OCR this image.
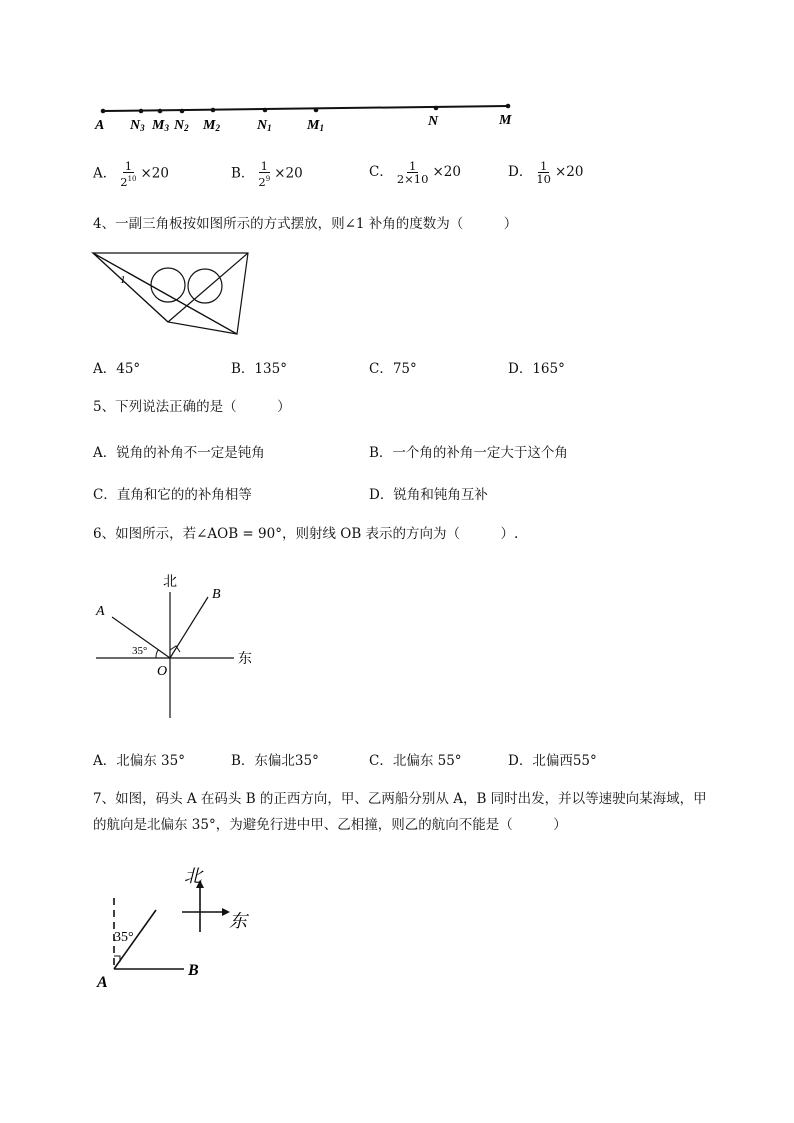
A N3 M3 N2 M2	N1	M1	N	M
A． $\frac{1}{2^{10}} \times 20$	B． $\frac{1}{2^9} \times 20$	C． $\frac{1}{2\times 10} \times 20$	D． $\frac{1}{10} \times 20$
4、一副三角板按如图所示的方式摆放，则∠1 补角的度数为（　　　）
1
A．45°	B．135°	C．75°	D．165°
5、下列说法正确的是（　　　）
A．锐角的补角不一定是钝角	B．一个角的补角一定大于这个角
C．直角和它的的补角相等	D．锐角和钝角互补
6、如图所示，若∠AOB = 90°，则射线 OB 表示的方向为（　　　）.
北
东
A
B
O
35°
A．北偏东 35°	B．东偏北35°	C．北偏东 55°	D．北偏西55°
7、如图，码头 A 在码头 B 的正西方向，甲、乙两船分别从 A，B 同时出发，并以等速驶向某海域，甲
的航向是北偏东 35°，为避免行进中甲、乙相撞，则乙的航向不能是（　　　）
35°
A
B
北
东
